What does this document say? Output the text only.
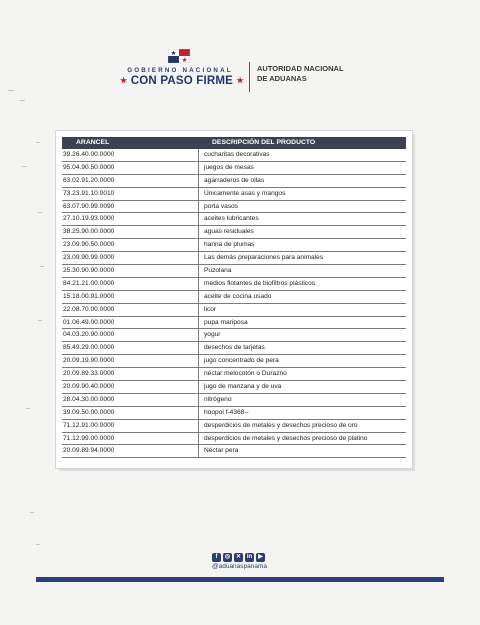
GOBIERNO NACIONAL
★ CON PASO FIRME ★
AUTORIDAD NACIONAL
DE ADUANAS
ARANCEL	DESCRIPCIÓN DEL PRODUCTO
39.26.40.00.0000	cucharitas decorativas
95.04.90.50.0000	juegos de mesas
63.02.91.20.0000	agarraderos de ollas
73.23.91.10.0010	Únicamente asas y mangos
63.07.90.99.0090	porta vasos
27.10.19.93.0000	aceites lubricantes
38.25.90.00.0000	aguas residuales
23.09.90.50.0000	harina de plumas
23.09.90.99.0000	Las demás preparaciones para animales
25.30.90.90.0000	Puzolana
84.21.21.00.0000	medios flotantes de biofiltros plásticos
15.18.00.91.0000	aceite de cocina usado
22.08.70.00.0000	licor
01.06.49.00.0000	pupa mariposa
04.03.20.90.0000	yogur
85.49.29.00.0000	desechos de tarjetas
20.09.19.90.0000	jugo concentrado de pera
20.09.89.33.0000	néctar melocotón o Durazno
20.09.90.40.0000	jugo de manzana y de uva
28.04.30.00.0000	nitrógeno
39.09.50.00.0000	hoopol f-4368--
71.12.91.00.0000	desperdicios de metales y desechos precioso de oro
71.12.99.00.0000	desperdicios de metales y desechos precioso de platino
20.09.89.94.0000	Néctar pera
f	◎ ✕ in	▶
@aduanaspanama
